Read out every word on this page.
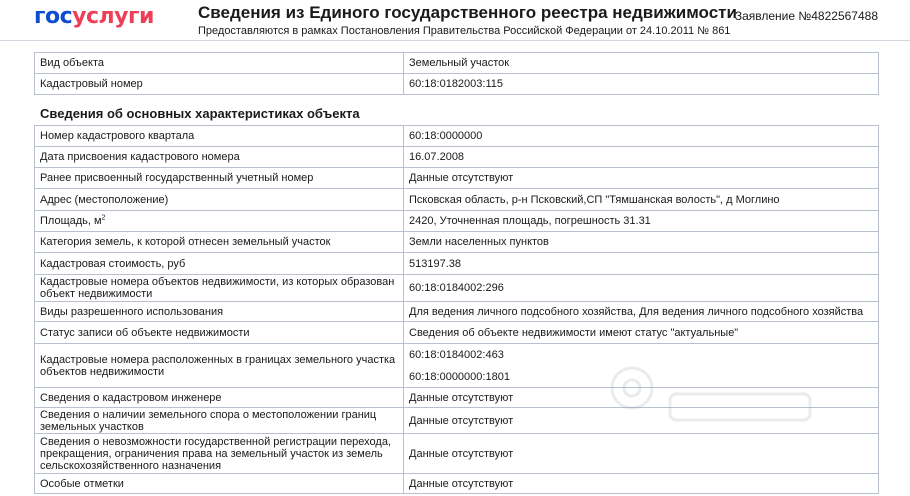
госуслуги	Сведения из Единого государственного реестра недвижимости
Предоставляются в рамках Постановления Правительства Российской Федерации от 24.10.2011 № 861
Заявление №4822567488
Вид объекта	Земельный участок
Кадастровый номер	60:18:0182003:115
Сведения об основных характеристиках объекта
Номер кадастрового квартала	60:18:0000000
Дата присвоения кадастрового номера	16.07.2008
Ранее присвоенный государственный учетный номер	Данные отсутствуют
Адрес (местоположение)	Псковская область, р-н Псковский,СП "Тямшанская волость", д Моглино
Площадь, $м^2$	2420, Уточненная площадь, погрешность 31.31
Категория земель, к которой отнесен земельный участок	Земли населенных пунктов
Кадастровая стоимость, руб	513197.38
Кадастровые номера объектов недвижимости, из которых образован объект недвижимости	60:18:0184002:296
Виды разрешенного использования	Для ведения личного подсобного хозяйства, Для ведения личного подсобного хозяйства
Статус записи об объекте недвижимости	Сведения об объекте недвижимости имеют статус "актуальные"
Кадастровые номера расположенных в границах земельного участка объектов недвижимости	60:18:0184002:463
60:18:0000000:1801

Сведения о кадастровом инженере	Данные отсутствуют
Сведения о наличии земельного спора о местоположении границ земельных участков	Данные отсутствуют
Сведения о невозможности государственной регистрации перехода, прекращения, ограничения права на земельный участок из земель сельскохозяйственного назначения	Данные отсутствуют
Особые отметки	Данные отсутствуют
